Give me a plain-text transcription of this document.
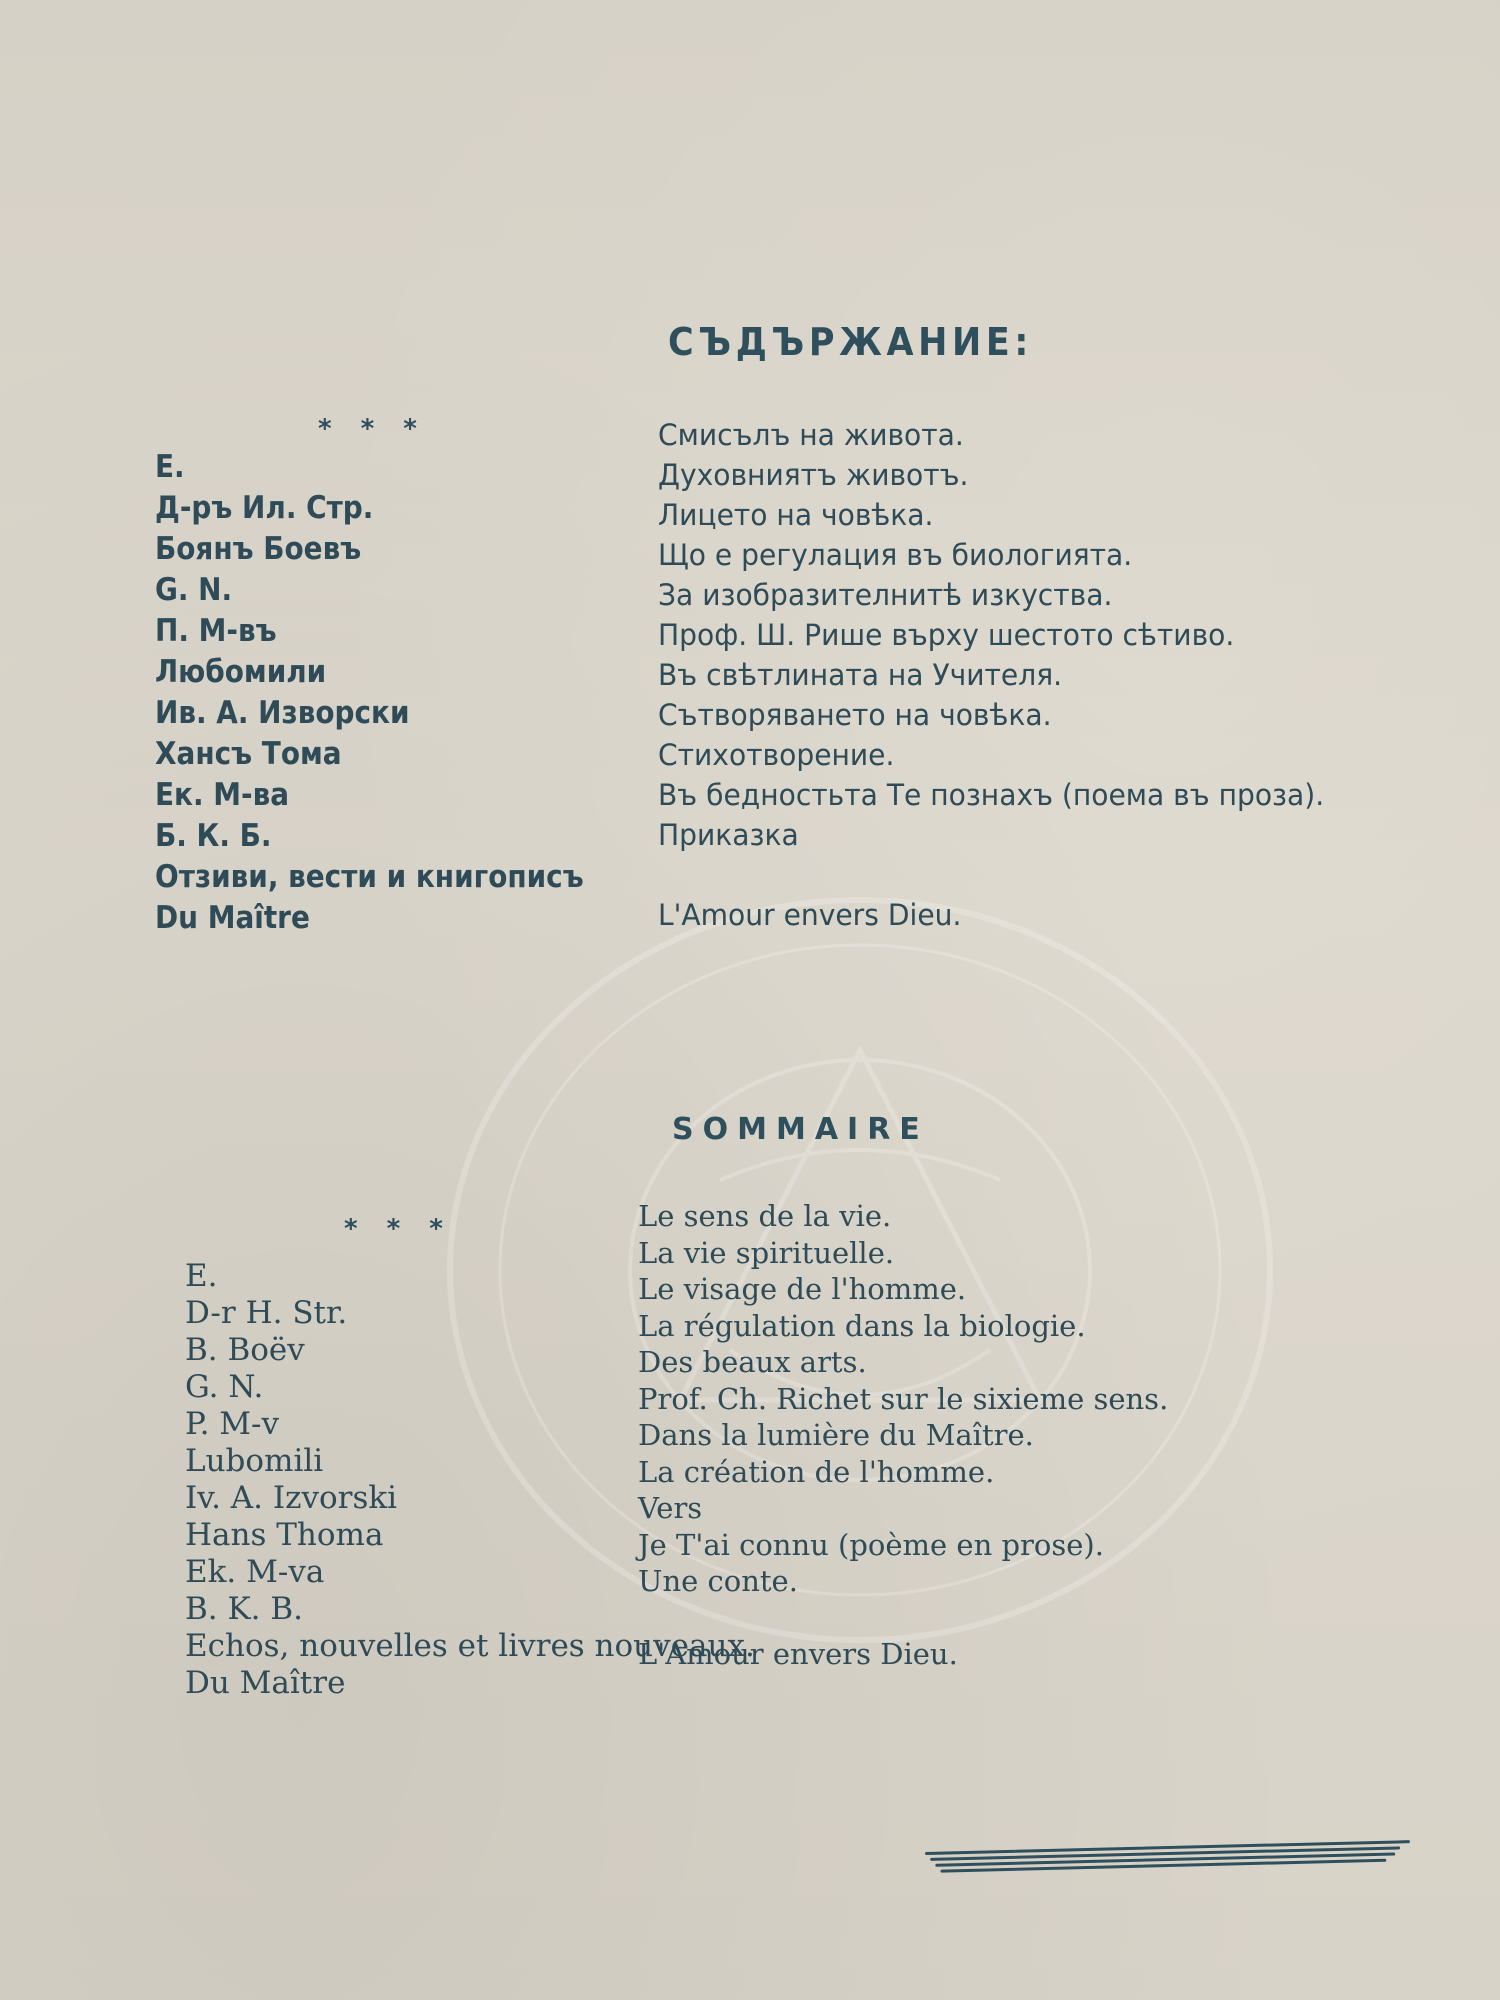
СЪДЪРЖАНИЕ:
* * *
Е.
Д-ръ Ил. Стр.
Боянъ Боевъ
G. N.
П. М-въ
Любомили
Ив. А. Изворски
Хансъ Тома
Ек. М-ва
Б. К. Б.
Отзиви, вести и книгописъ
Du Maître
Смисълъ на живота.
Духовниятъ животъ.
Лицето на човѣка.
Що е регулация въ биологията.
За изобразителнитѣ изкуства.
Проф. Ш. Рише върху шестото сѣтиво.
Въ свѣтлината на Учителя.
Сътворяването на човѣка.
Стихотворение.
Въ бедностьта Те познахъ (поема въ проза).
Приказка

L'Amour envers Dieu.
SOMMAIRE
* * *
E.
D-r H. Str.
B. Boёv
G. N.
P. M-v
Lubomili
Iv. A. Izvorski
Hans Thoma
Ek. M-va
B. K. B.
Echos, nouvelles et livres nouveaux.
Du Maître
Le sens de la vie.
La vie spirituelle.
Le visage de l'homme.
La régulation dans la biologie.
Des beaux arts.
Prof. Ch. Richet sur le sixieme sens.
Dans la lumière du Maître.
La création de l'homme.
Vers
Je T'ai connu (poème en prose).
Une conte.

L'Amour envers Dieu.
